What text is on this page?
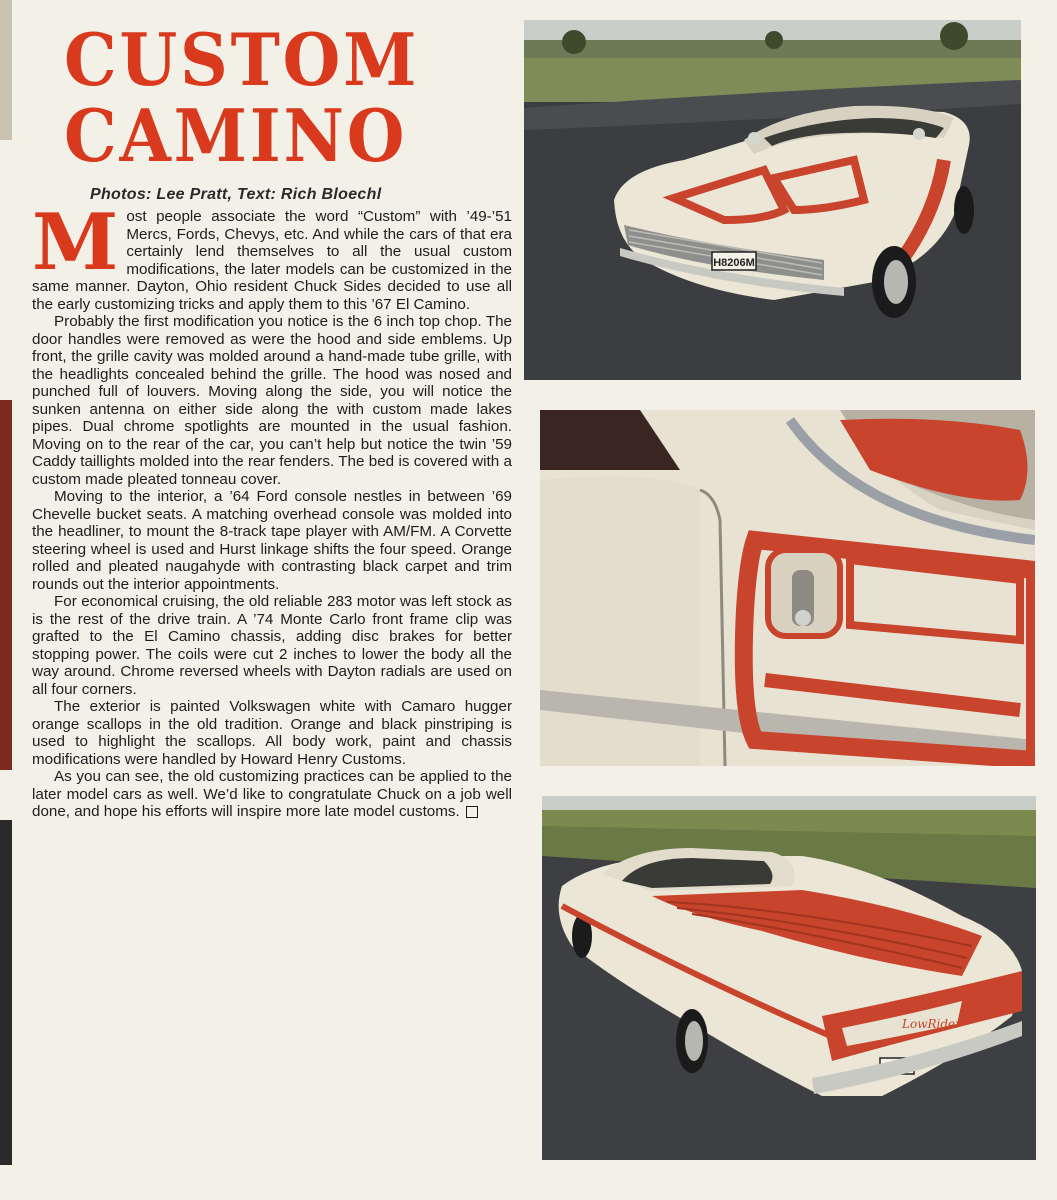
CUSTOM
CAMINO
Photos: Lee Pratt, Text: Rich Bloechl

Most people associate the word “Custom” with ’49-’51 Mercs, Fords, Chevys, etc. And while the cars of that era certainly lend themselves to all the usual custom modifications, the later models can be customized in the same manner. Dayton, Ohio resident Chuck Sides decided to use all the early customizing tricks and apply them to this ’67 El Camino.

Probably the first modification you notice is the 6 inch top chop. The door handles were removed as were the hood and side emblems. Up front, the grille cavity was molded around a hand-made tube grille, with the headlights concealed behind the grille. The hood was nosed and punched full of louvers. Moving along the side, you will notice the sunken antenna on either side along the with custom made lakes pipes. Dual chrome spotlights are mounted in the usual fashion. Moving on to the rear of the car, you can’t help but notice the twin ’59 Caddy taillights molded into the rear fenders. The bed is covered with a custom made pleated tonneau cover.

Moving to the interior, a ’64 Ford console nestles in between ’69 Chevelle bucket seats. A matching overhead console was molded into the headliner, to mount the 8-track tape player with AM/FM. A Corvette steering wheel is used and Hurst linkage shifts the four speed. Orange rolled and pleated naugahyde with contrasting black carpet and trim rounds out the interior appointments.

For economical cruising, the old reliable 283 motor was left stock as is the rest of the drive train. A ’74 Monte Carlo front frame clip was grafted to the El Camino chassis, adding disc brakes for better stopping power. The coils were cut 2 inches to lower the body all the way around. Chrome reversed wheels with Dayton radials are used on all four corners.

The exterior is painted Volkswagen white with Camaro hugger orange scallops in the old tradition. Orange and black pinstriping is used to highlight the scallops. All body work, paint and chassis modifications were handled by Howard Henry Customs.

As you can see, the old customizing practices can be applied to the later model cars as well. We’d like to congratulate Chuck on a job well done, and hope his efforts will inspire more late model customs.

H8206M
LowRider
